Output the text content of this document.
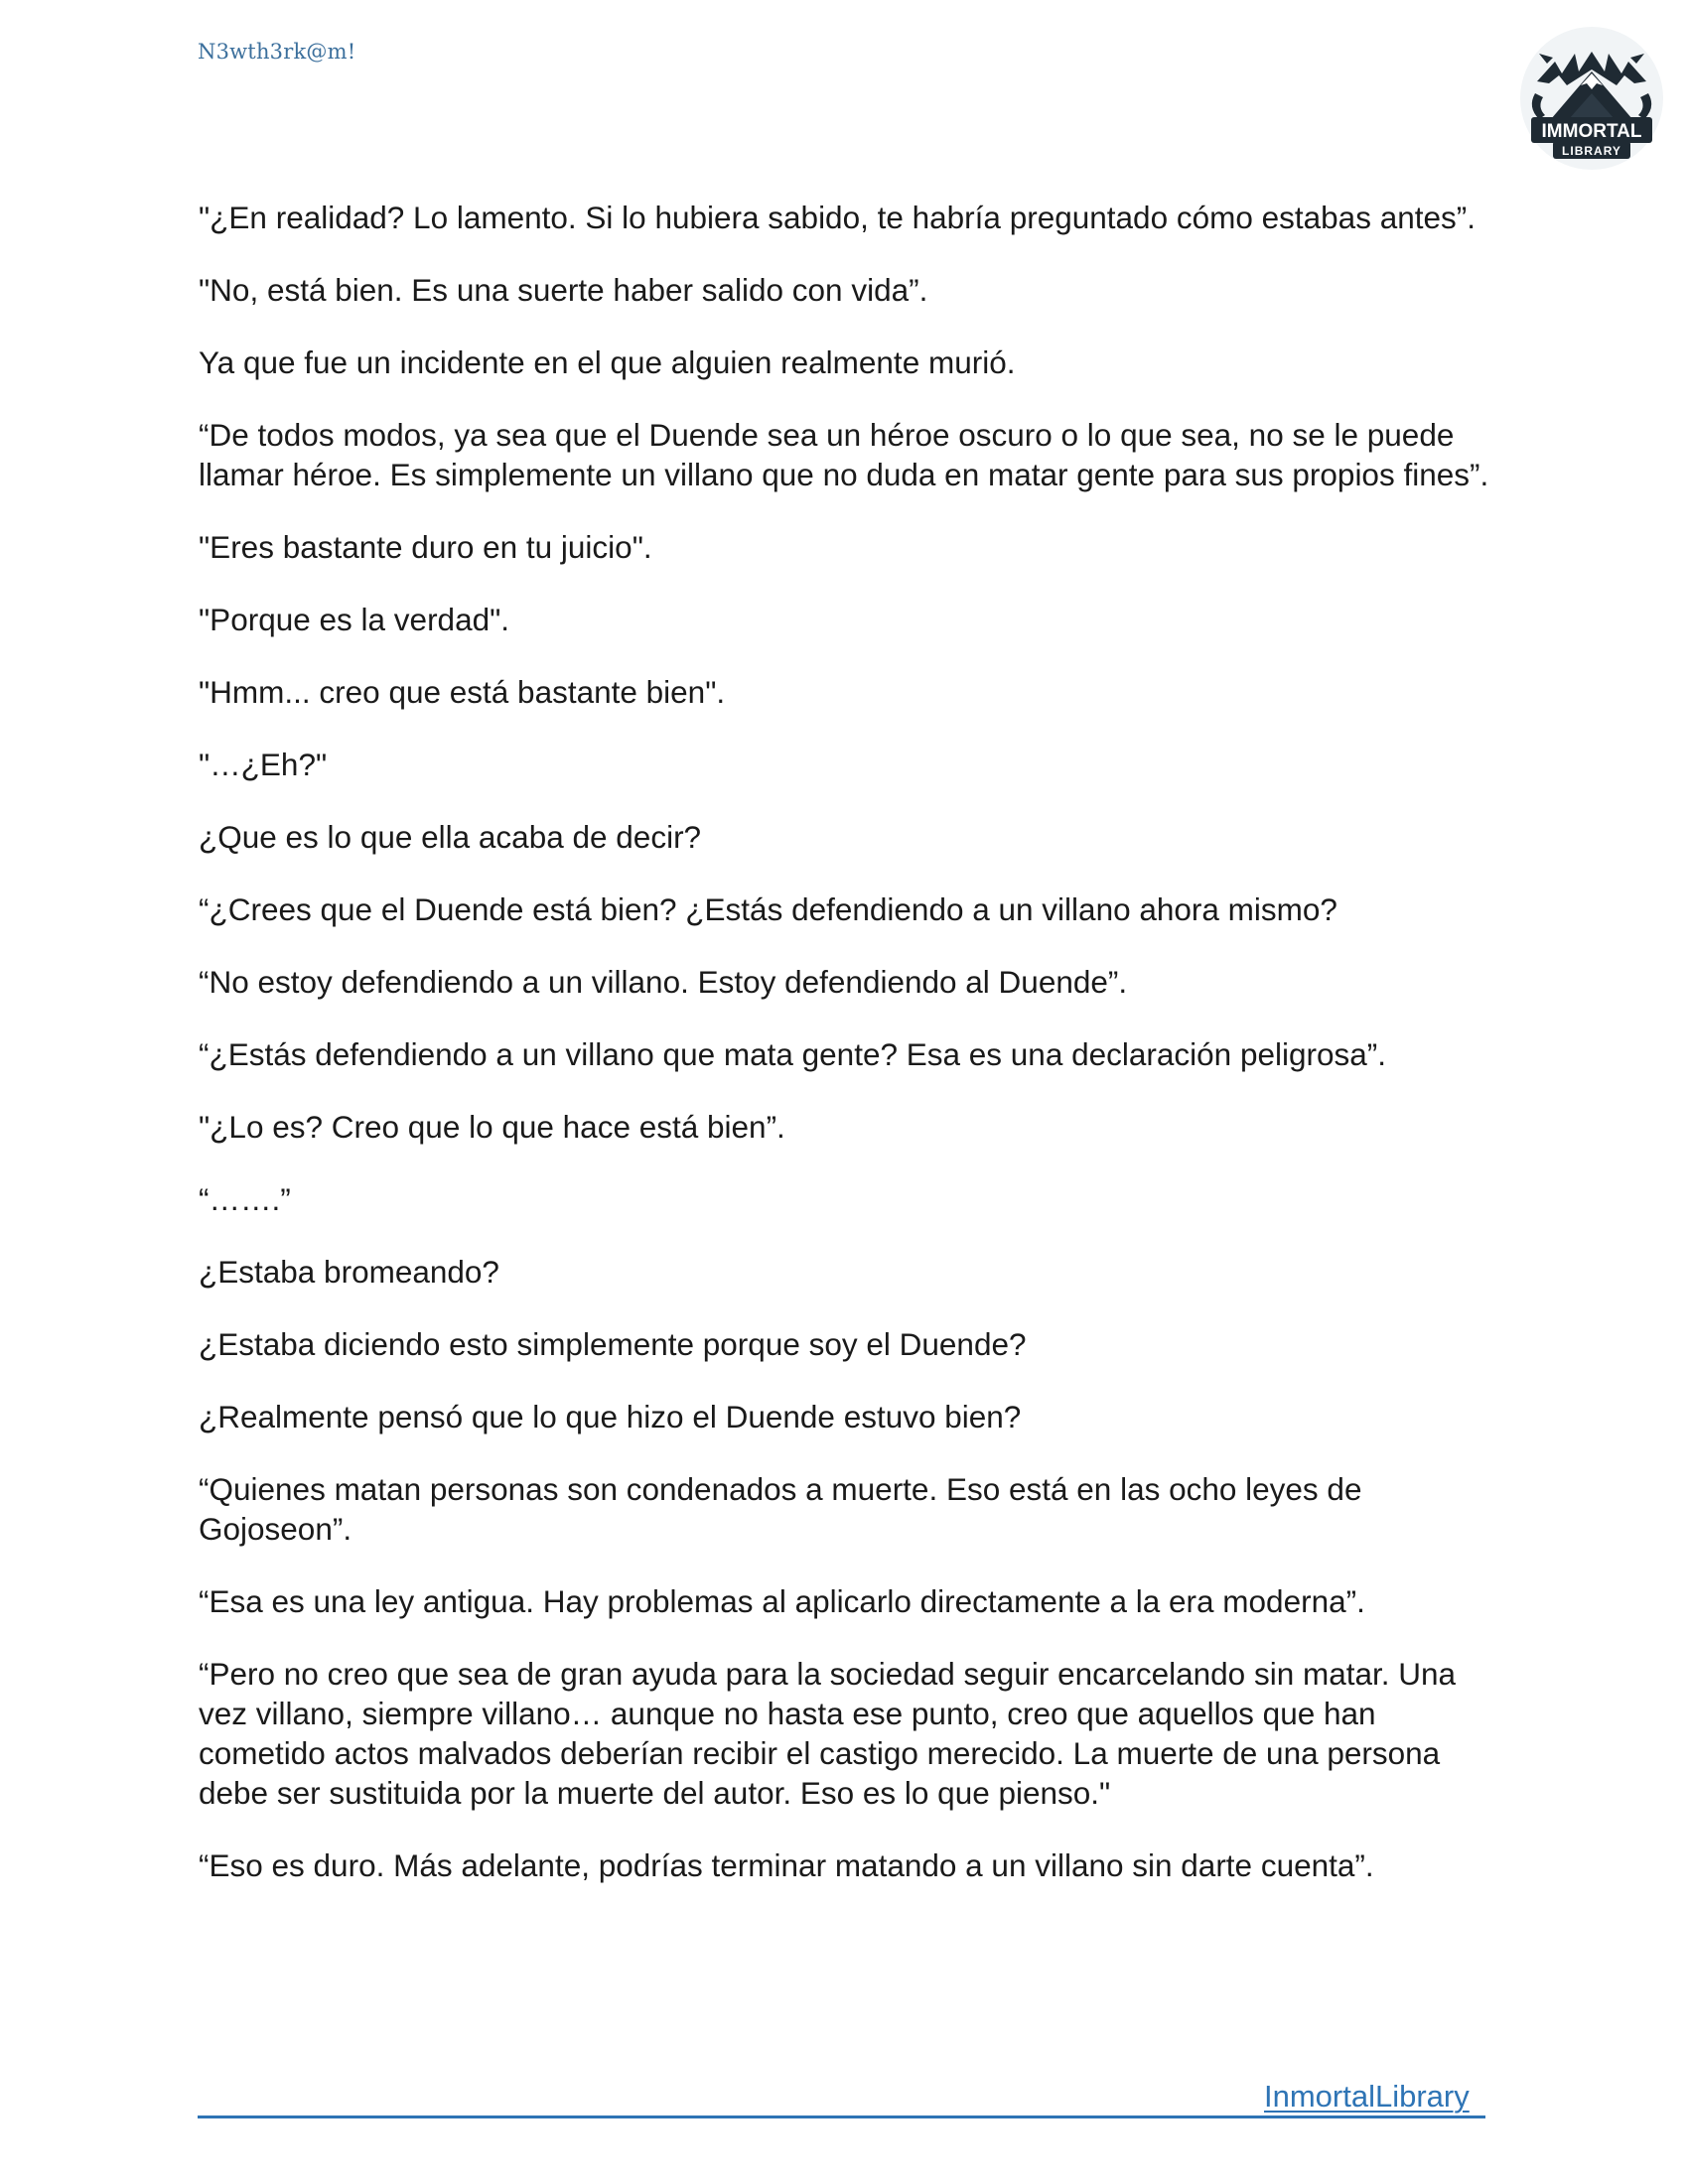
N3wth3rk@m!
IMMORTAL
LIBRARY

"¿En realidad? Lo lamento. Si lo hubiera sabido, te habría preguntado cómo estabas antes”.

"No, está bien. Es una suerte haber salido con vida”.

Ya que fue un incidente en el que alguien realmente murió.

“De todos modos, ya sea que el Duende sea un héroe oscuro o lo que sea, no se le puede llamar héroe. Es simplemente un villano que no duda en matar gente para sus propios fines”.

"Eres bastante duro en tu juicio".

"Porque es la verdad".

"Hmm... creo que está bastante bien".

"…¿Eh?"

¿Que es lo que ella acaba de decir?

“¿Crees que el Duende está bien? ¿Estás defendiendo a un villano ahora mismo?

“No estoy defendiendo a un villano. Estoy defendiendo al Duende”.

“¿Estás defendiendo a un villano que mata gente? Esa es una declaración peligrosa”.

"¿Lo es? Creo que lo que hace está bien”.

“…….”

¿Estaba bromeando?

¿Estaba diciendo esto simplemente porque soy el Duende?

¿Realmente pensó que lo que hizo el Duende estuvo bien?

“Quienes matan personas son condenados a muerte. Eso está en las ocho leyes de Gojoseon”.

“Esa es una ley antigua. Hay problemas al aplicarlo directamente a la era moderna”.

“Pero no creo que sea de gran ayuda para la sociedad seguir encarcelando sin matar. Una vez villano, siempre villano… aunque no hasta ese punto, creo que aquellos que han cometido actos malvados deberían recibir el castigo merecido. La muerte de una persona debe ser sustituida por la muerte del autor. Eso es lo que pienso."

“Eso es duro. Más adelante, podrías terminar matando a un villano sin darte cuenta”.

InmortalLibrary
